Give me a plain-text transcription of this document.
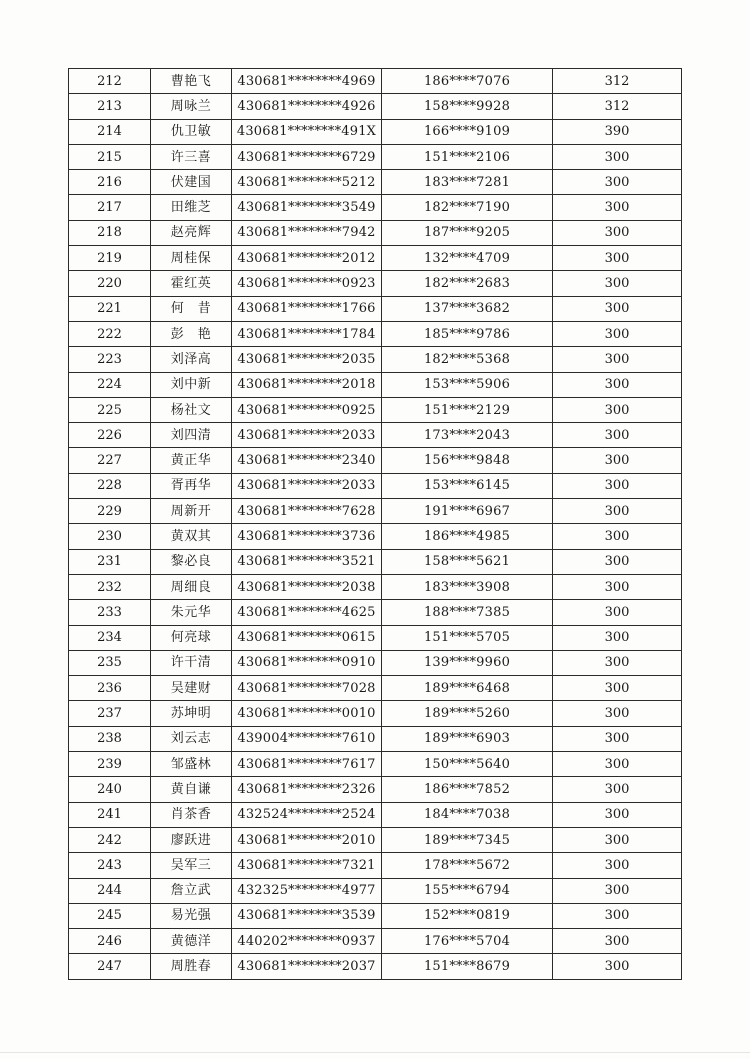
212	曹艳飞	430681********4969	186****7076	312
213	周咏兰	430681********4926	158****9928	312
214	仇卫敏	430681********491X	166****9109	390
215	许三喜	430681********6729	151****2106	300
216	伏建国	430681********5212	183****7281	300
217	田维芝	430681********3549	182****7190	300
218	赵亮辉	430681********7942	187****9205	300
219	周桂保	430681********2012	132****4709	300
220	霍红英	430681********0923	182****2683	300
221	何　昔	430681********1766	137****3682	300
222	彭　艳	430681********1784	185****9786	300
223	刘泽高	430681********2035	182****5368	300
224	刘中新	430681********2018	153****5906	300
225	杨社文	430681********0925	151****2129	300
226	刘四清	430681********2033	173****2043	300
227	黄正华	430681********2340	156****9848	300
228	胥再华	430681********2033	153****6145	300
229	周新开	430681********7628	191****6967	300
230	黄双其	430681********3736	186****4985	300
231	黎必良	430681********3521	158****5621	300
232	周细良	430681********2038	183****3908	300
233	朱元华	430681********4625	188****7385	300
234	何亮球	430681********0615	151****5705	300
235	许干清	430681********0910	139****9960	300
236	吴建财	430681********7028	189****6468	300
237	苏坤明	430681********0010	189****5260	300
238	刘云志	439004********7610	189****6903	300
239	邹盛林	430681********7617	150****5640	300
240	黄自谦	430681********2326	186****7852	300
241	肖茶香	432524********2524	184****7038	300
242	廖跃进	430681********2010	189****7345	300
243	吴军三	430681********7321	178****5672	300
244	詹立武	432325********4977	155****6794	300
245	易光强	430681********3539	152****0819	300
246	黄德洋	440202********0937	176****5704	300
247	周胜春	430681********2037	151****8679	300
